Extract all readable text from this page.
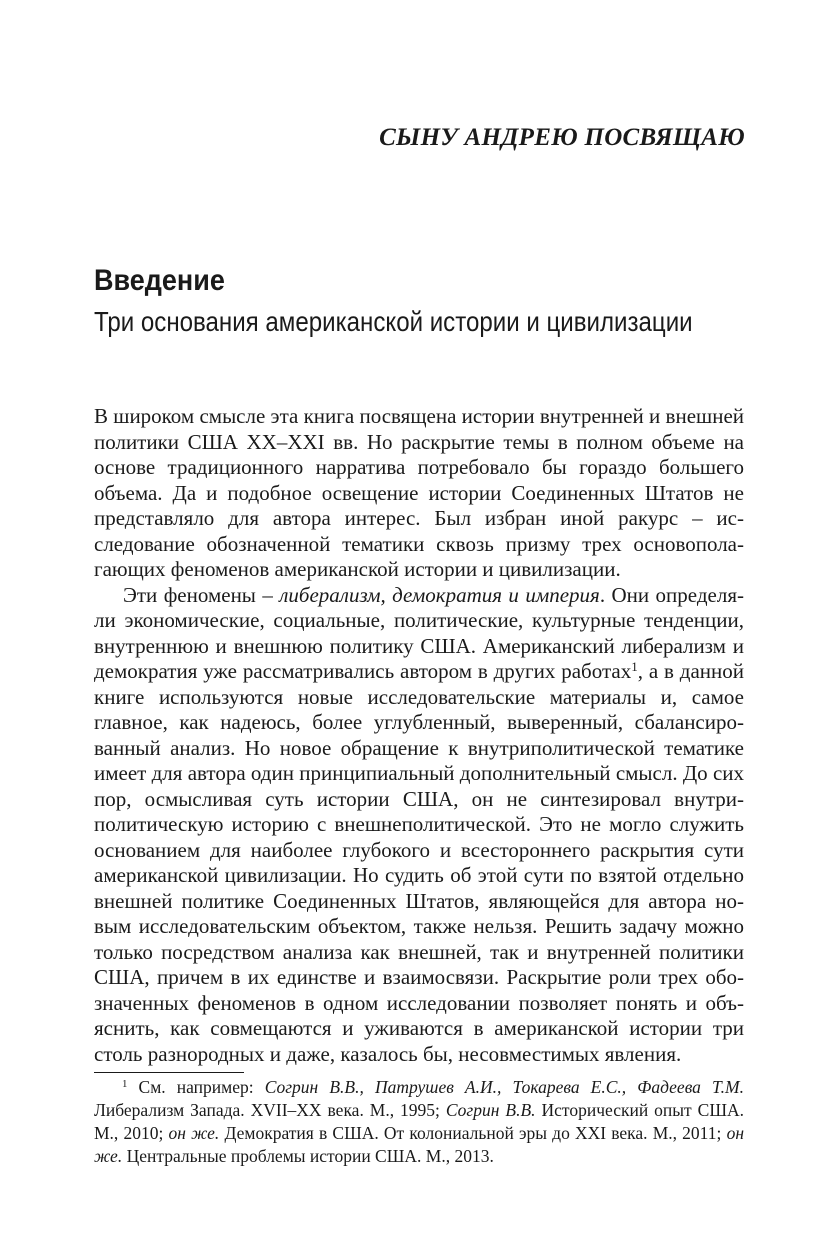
СЫНУ АНДРЕЮ ПОСВЯЩАЮ
Введение
Три основания американской истории и цивилизации

В широком смысле эта книга посвящена истории внутренней и внешней политики США XX–XXI вв. Но раскрытие темы в полном объеме на основе традиционного нарратива потребовало бы гораздо большего объема. Да и подобное освещение истории Соединенных Штатов не представляло для автора интерес. Был избран иной ракурс – исследование обозначенной тематики сквозь призму трех основополагающих феноменов американской истории и цивилизации.

Эти феномены – либерализм, демократия и империя. Они определяли экономические, социальные, политические, культурные тенденции, внутреннюю и внешнюю политику США. Американский либерализм и демократия уже рассматривались автором в других работах$^1$, а в данной книге используются новые исследовательские материалы и, самое главное, как надеюсь, более углубленный, выверенный, сбалансированный анализ. Но новое обращение к внутриполитической тематике имеет для автора один принципиальный дополнительный смысл. До сих пор, осмысливая суть истории США, он не синтезировал внутриполитическую историю с внешнеполитической. Это не могло служить основанием для наиболее глубокого и всестороннего раскрытия сути американской цивилизации. Но судить об этой сути по взятой отдельно внешней политике Соединенных Штатов, являющейся для автора новым исследовательским объектом, также нельзя. Решить задачу можно только посредством анализа как внешней, так и внутренней политики США, причем в их единстве и взаимосвязи. Раскрытие роли трех обозначенных феноменов в одном исследовании позволяет понять и объяснить, как совмещаются и уживаются в американской истории три столь разнородных и даже, казалось бы, несовместимых явления.

$^1$ См. например: Согрин В.В., Патрушев А.И., Токарева Е.С., Фадеева Т.М. Либерализм Запада. XVII–XX века. М., 1995; Согрин В.В. Исторический опыт США. М., 2010; он же. Демократия в США. От колониальной эры до XXI века. М., 2011; он же. Центральные проблемы истории США. М., 2013.
